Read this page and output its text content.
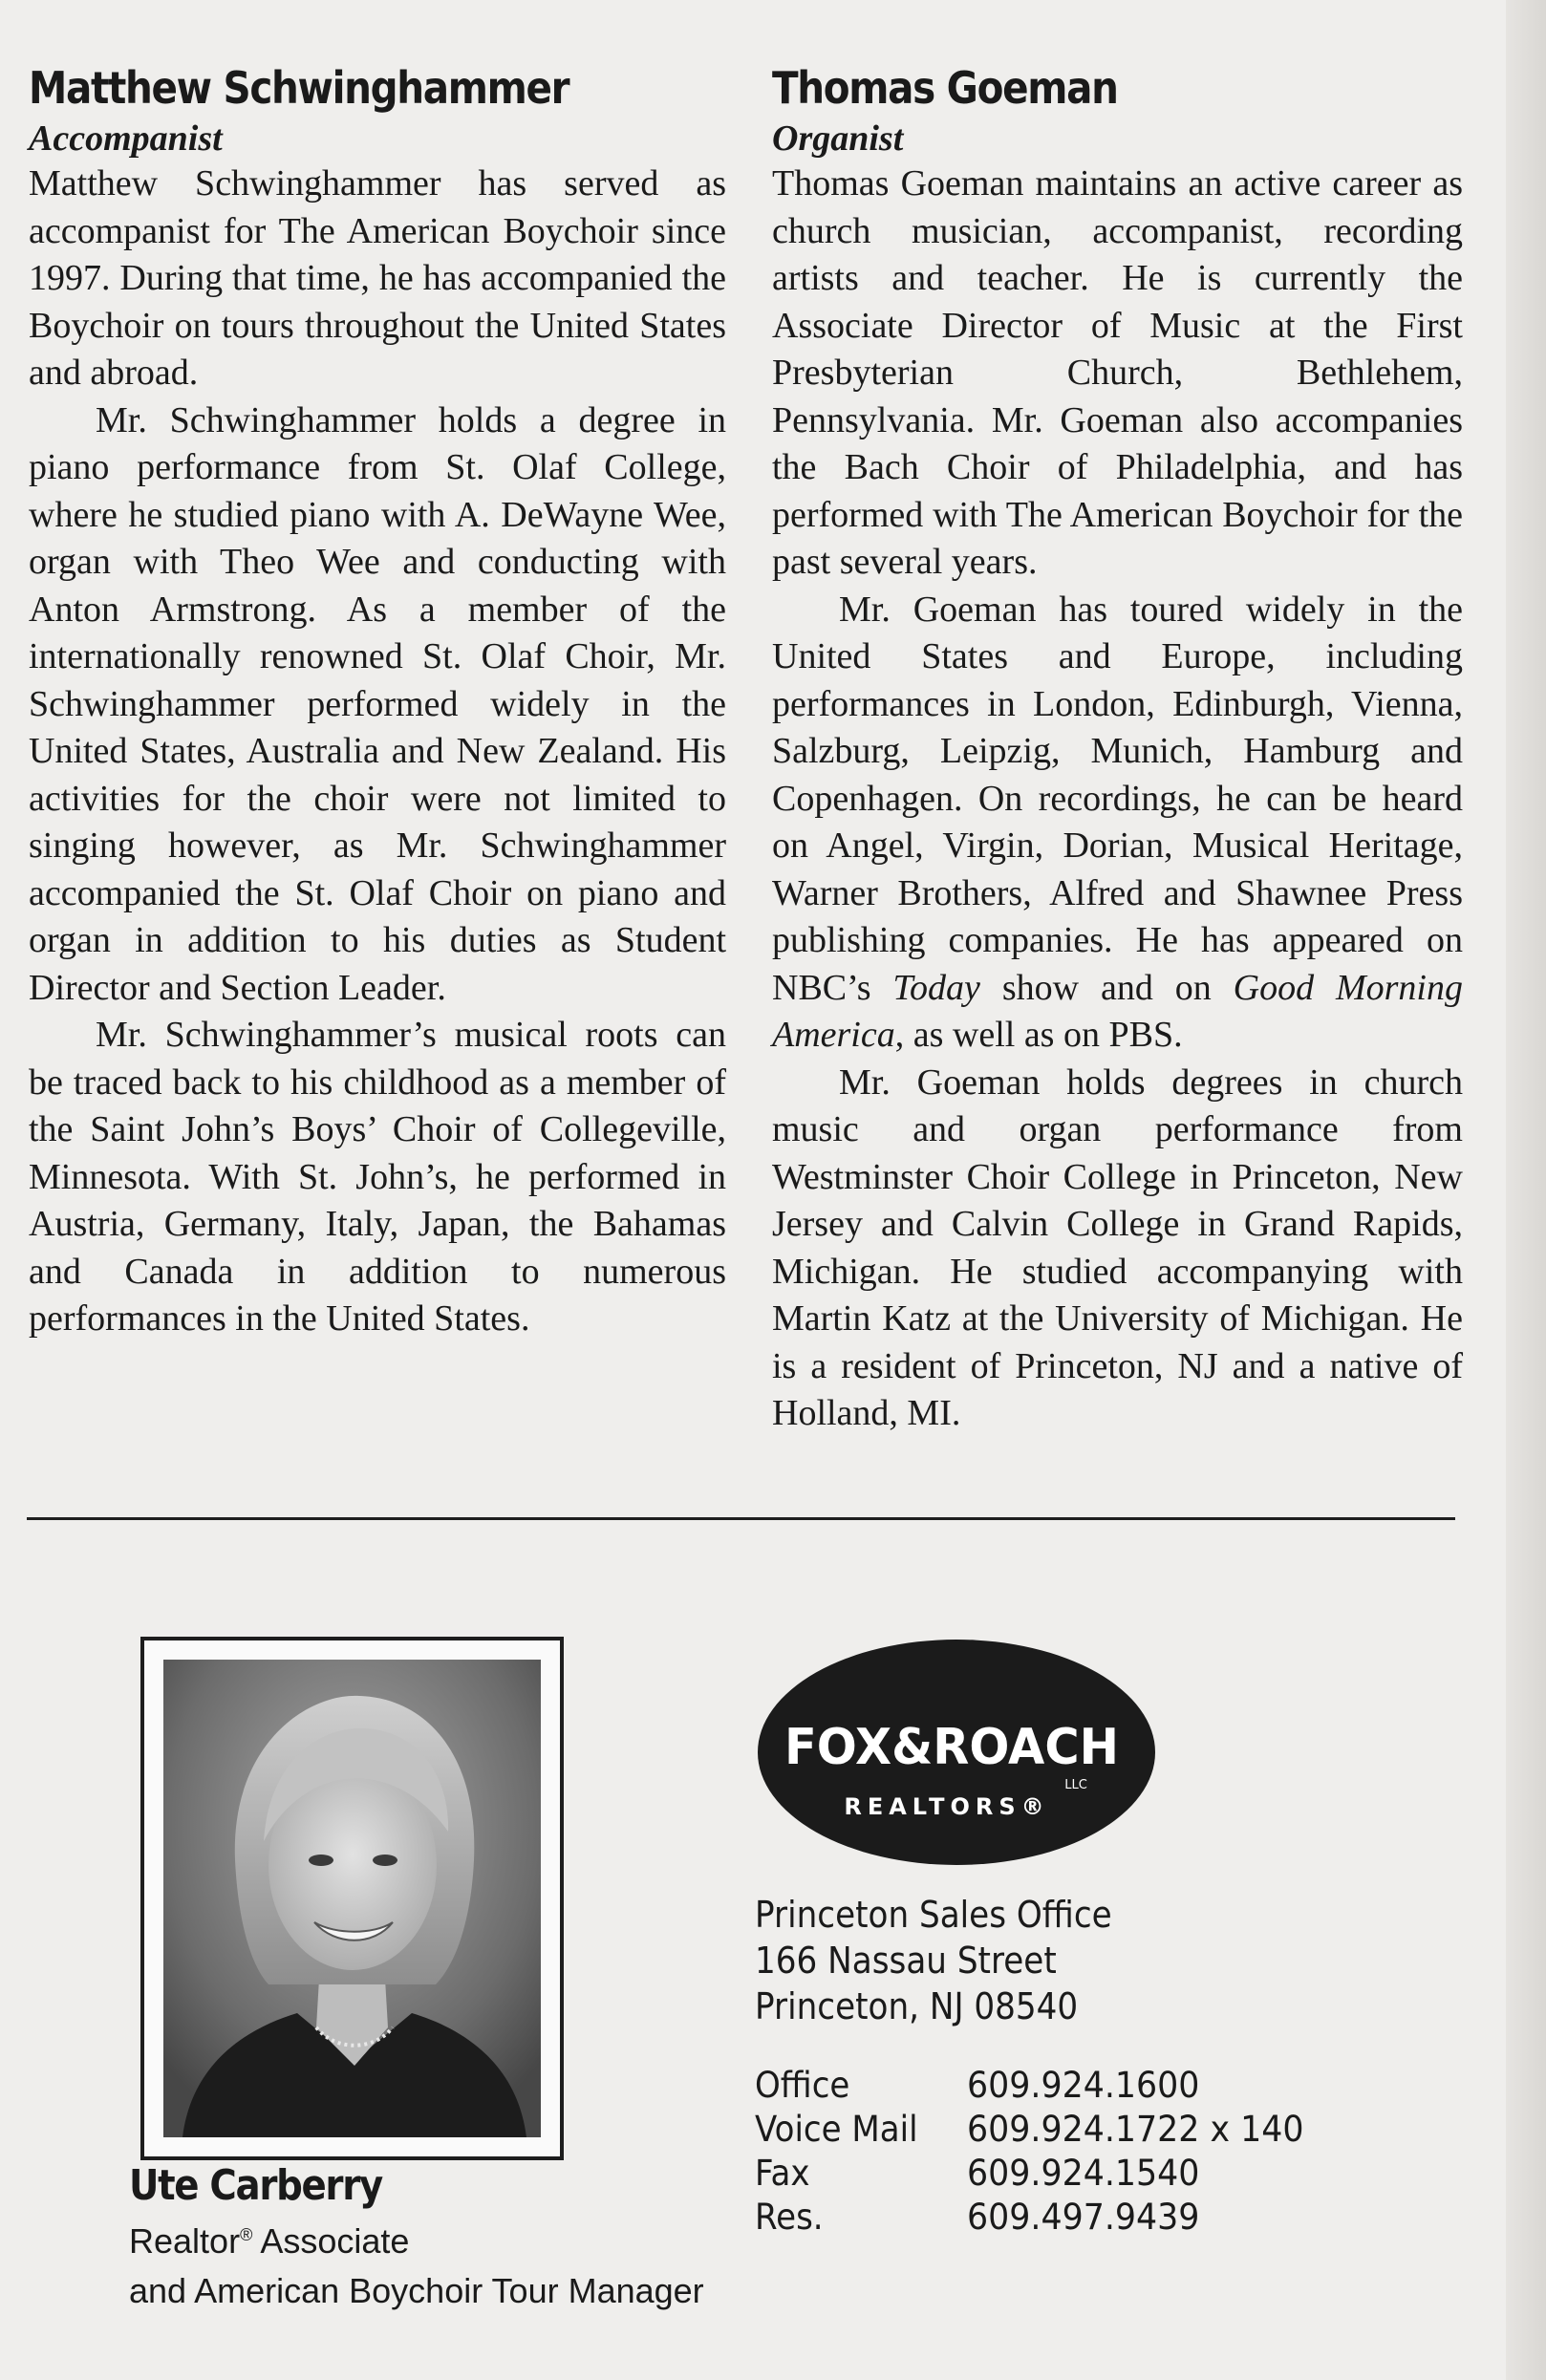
Matthew Schwinghammer
Accompanist

Matthew Schwinghammer has served as accompanist for The American Boychoir since 1997. During that time, he has accompanied the Boychoir on tours throughout the United States and abroad.

Mr. Schwinghammer holds a degree in piano performance from St. Olaf College, where he studied piano with A. DeWayne Wee, organ with Theo Wee and conducting with Anton Armstrong. As a member of the internationally renowned St. Olaf Choir, Mr. Schwinghammer performed widely in the United States, Australia and New Zealand. His activities for the choir were not limited to singing however, as Mr. Schwinghammer accompanied the St. Olaf Choir on piano and organ in addition to his duties as Student Director and Section Leader.

Mr. Schwinghammer’s musical roots can be traced back to his childhood as a member of the Saint John’s Boys’ Choir of Collegeville, Minnesota. With St. John’s, he performed in Austria, Germany, Italy, Japan, the Bahamas and Canada in addition to numerous performances in the United States.

Thomas Goeman
Organist

Thomas Goeman maintains an active career as church musician, accompanist, recording artists and teacher. He is currently the Associate Director of Music at the First Presbyterian Church, Bethlehem, Pennsylvania. Mr. Goeman also accompanies the Bach Choir of Philadelphia, and has performed with The American Boychoir for the past several years.

Mr. Goeman has toured widely in the United States and Europe, including performances in London, Edinburgh, Vienna, Salzburg, Leipzig, Munich, Hamburg and Copenhagen. On recordings, he can be heard on Angel, Virgin, Dorian, Musical Heritage, Warner Brothers, Alfred and Shawnee Press publishing companies. He has appeared on NBC’s Today show and on Good Morning America, as well as on PBS.

Mr. Goeman holds degrees in church music and organ performance from Westminster Choir College in Princeton, New Jersey and Calvin College in Grand Rapids, Michigan. He studied accompanying with Martin Katz at the University of Michigan. He is a resident of Princeton, NJ and a native of Holland, MI.

Ute Carberry
Realtor® Associate
and American Boychoir Tour Manager
FOX&ROACH
LLC
REALTORS®
Princeton Sales Office
166 Nassau Street
Princeton, NJ 08540
Office	609.924.1600
Voice Mail	609.924.1722 x 140
Fax	609.924.1540
Res.	609.497.9439
